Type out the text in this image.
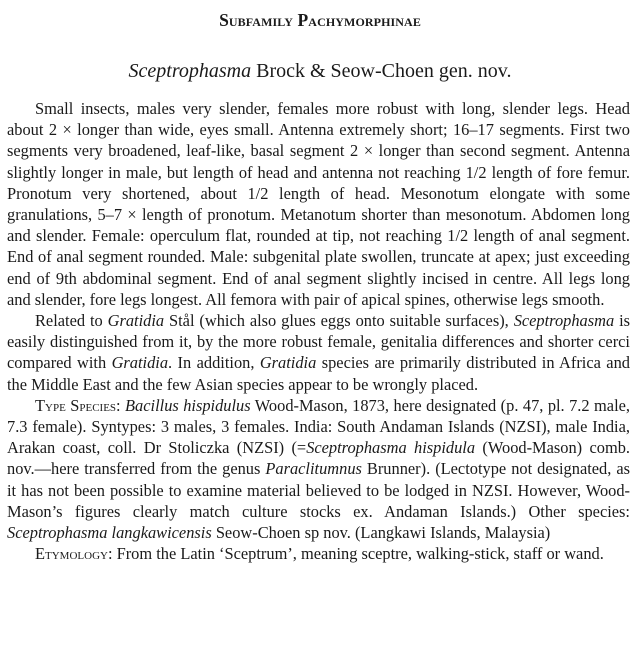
Subfamily Pachymorphinae
Sceptrophasma Brock & Seow-Choen gen. nov.

Small insects, males very slender, females more robust with long, slender legs. Head about 2 × longer than wide, eyes small. Antenna extremely short; 16–17 segments. First two segments very broadened, leaf-like, basal segment 2 × longer than second segment. Antenna slightly longer in male, but length of head and antenna not reaching 1/2 length of fore femur. Pronotum very shortened, about 1/2 length of head. Mesonotum elongate with some granulations, 5–7 × length of pronotum. Metanotum shorter than mesonotum. Abdomen long and slender. Female: operculum flat, rounded at tip, not reaching 1/2 length of anal segment. End of anal segment rounded. Male: subgenital plate swollen, truncate at apex; just exceeding end of 9th abdominal segment. End of anal segment slightly incised in centre. All legs long and slender, fore legs longest. All femora with pair of apical spines, otherwise legs smooth.

Related to Gratidia Stål (which also glues eggs onto suitable surfaces), Sceptrophasma is easily distinguished from it, by the more robust female, genitalia differences and shorter cerci compared with Gratidia. In addition, Gratidia species are primarily distributed in Africa and the Middle East and the few Asian species appear to be wrongly placed.

Type Species: Bacillus hispidulus Wood-Mason, 1873, here designated (p. 47, pl. 7.2 male, 7.3 female). Syntypes: 3 males, 3 females. India: South Andaman Islands (NZSI), male India, Arakan coast, coll. Dr Stoliczka (NZSI) (=Sceptrophasma hispidula (Wood-Mason) comb. nov.—here transferred from the genus Paraclitumnus Brunner). (Lectotype not designated, as it has not been possible to examine material believed to be lodged in NZSI. However, Wood-Mason’s figures clearly match culture stocks ex. Andaman Islands.) Other species: Sceptrophasma langkawicensis Seow-Choen sp nov. (Langkawi Islands, Malaysia)

Etymology: From the Latin ‘Sceptrum’, meaning sceptre, walking-stick, staff or wand.
